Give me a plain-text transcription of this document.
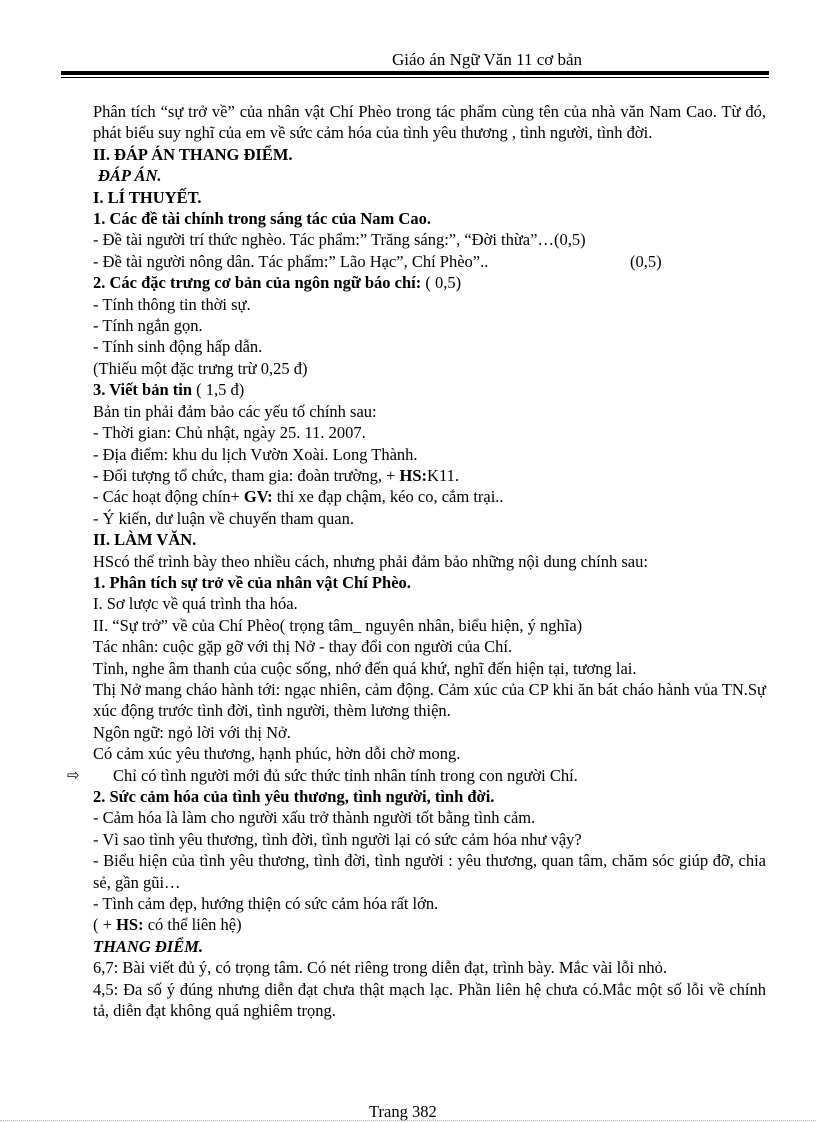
Giáo án Ngữ Văn 11 cơ bản

Phân tích “sự trở về” của nhân vật Chí Phèo trong tác phẩm cùng tên của nhà văn Nam Cao. Từ đó, phát biểu suy nghĩ của em về sức cảm hóa của tình yêu thương , tình người, tình đời.

II. ĐÁP ÁN THANG ĐIỂM.

ĐÁP ÁN.

I. LÍ THUYẾT.

1. Các đề tài chính trong sáng tác của Nam Cao.

- Đề tài người trí thức nghèo. Tác phẩm:” Trăng sáng:”, “Đời thừa”…(0,5)

- Đề tài người nông dân. Tác phẩm:” Lão Hạc”, Chí Phèo”..	(0,5)

2. Các đặc trưng cơ bản của ngôn ngữ báo chí: ( 0,5)

- Tính thông tin thời sự.

- Tính ngắn gọn.

- Tính sinh động hấp dẫn.

(Thiếu một đặc trưng trừ 0,25 đ)

3. Viết bản tin ( 1,5 đ)

Bản tin phải đảm bảo các yếu tố chính sau:

- Thời gian: Chủ nhật, ngày 25. 11. 2007.

- Địa điểm: khu du lịch Vườn Xoài. Long Thành.

- Đối tượng tổ chức, tham gia: đoàn trường, + HS:K11.

- Các hoạt động chín+ GV: thi xe đạp chậm, kéo co, cắm trại..

- Ý kiến, dư luận về chuyến tham quan.

II. LÀM VĂN.

HScó thể trình bày theo nhiều cách, nhưng phải đảm bảo những nội dung chính sau:

1. Phân tích sự trở về của nhân vật Chí Phèo.

I. Sơ lược về quá trình tha hóa.

II. “Sự trở” về của Chí Phèo( trọng tâm_ nguyên nhân, biểu hiện, ý nghĩa)

Tác nhân: cuộc gặp gỡ với thị Nở - thay đổi con người của Chí.

Tỉnh, nghe âm thanh của cuộc sống, nhớ đến quá khứ, nghĩ đến hiện tại, tương lai.

Thị Nở mang cháo hành tới: ngạc nhiên, cảm động. Cảm xúc của CP khi ăn bát cháo hành vủa TN.Sự xúc động trước tình đời, tình người, thèm lương thiện.

Ngôn ngữ: ngỏ lời với thị Nở.

Có cảm xúc yêu thương, hạnh phúc, hờn dỗi chờ mong.

⇨ Chỉ có tình người mới đủ sức thức tỉnh nhân tính trong con người Chí.

2. Sức cảm hóa của tình yêu thương, tình người, tình đời.

- Cảm hóa là làm cho người xấu trở thành người tốt bằng tình cảm.

- Vì sao tình yêu thương, tình đời, tình người lại có sức cảm hóa như vậy?

- Biểu hiện của tình yêu thương, tình đời, tình người : yêu thương, quan tâm, chăm sóc giúp đỡ, chia sẻ, gần gũi…

- Tình cảm đẹp, hướng thiện có sức cảm hóa rất lớn.

( + HS: có thể liên hệ)

THANG ĐIỂM.

6,7: Bài viết đủ ý, có trọng tâm. Có nét riêng trong diễn đạt, trình bày. Mắc vài lỗi nhỏ.

4,5: Đa số ý đúng nhưng diễn đạt chưa thật mạch lạc. Phần liên hệ chưa có.Mắc một số lỗi về chính tả, diễn đạt không quá nghiêm trọng.

Trang 382
